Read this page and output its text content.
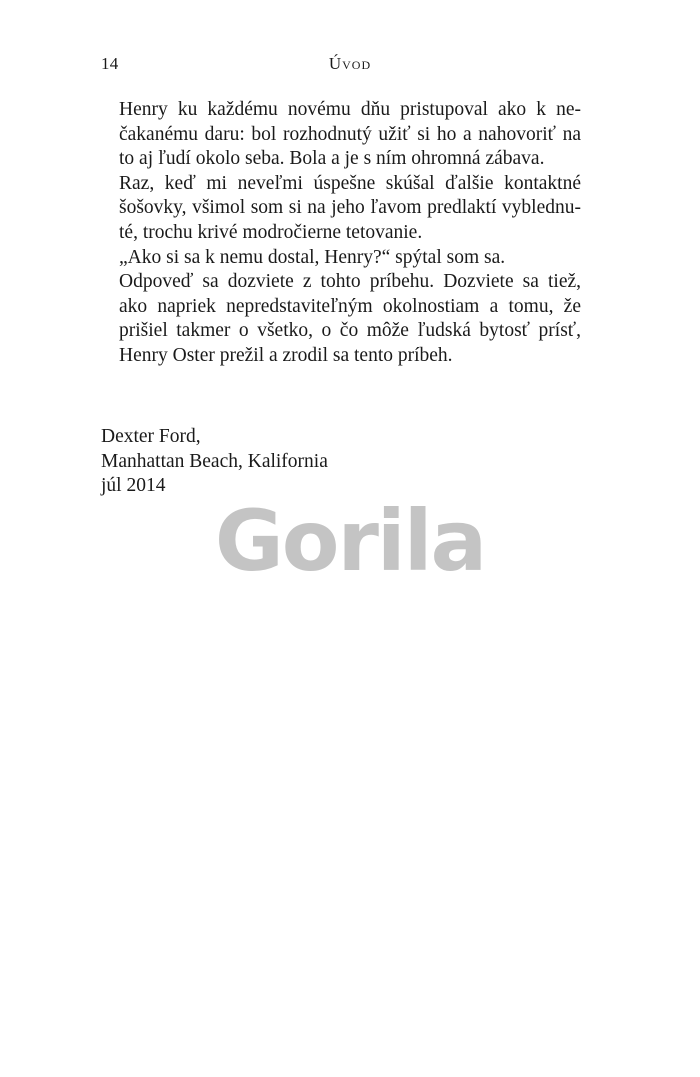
14	Úvod

Henry ku každému novému dňu pristupoval ako k ne-
čakanému daru: bol rozhodnutý užiť si ho a nahovoriť na
to aj ľudí okolo seba. Bola a je s ním ohromná zábava.

Raz, keď mi neveľmi úspešne skúšal ďalšie kontaktné
šošovky, všimol som si na jeho ľavom predlaktí vyblednu-
té, trochu krivé modročierne tetovanie.

„Ako si sa k nemu dostal, Henry?“ spýtal som sa.

Odpoveď sa dozviete z tohto príbehu. Dozviete sa tiež,
ako napriek nepredstaviteľným okolnostiam a tomu, že
prišiel takmer o všetko, o čo môže ľudská bytosť prísť,
Henry Oster prežil a zrodil sa tento príbeh.

Dexter Ford,
Manhattan Beach, Kalifornia
júl 2014
Gorila
